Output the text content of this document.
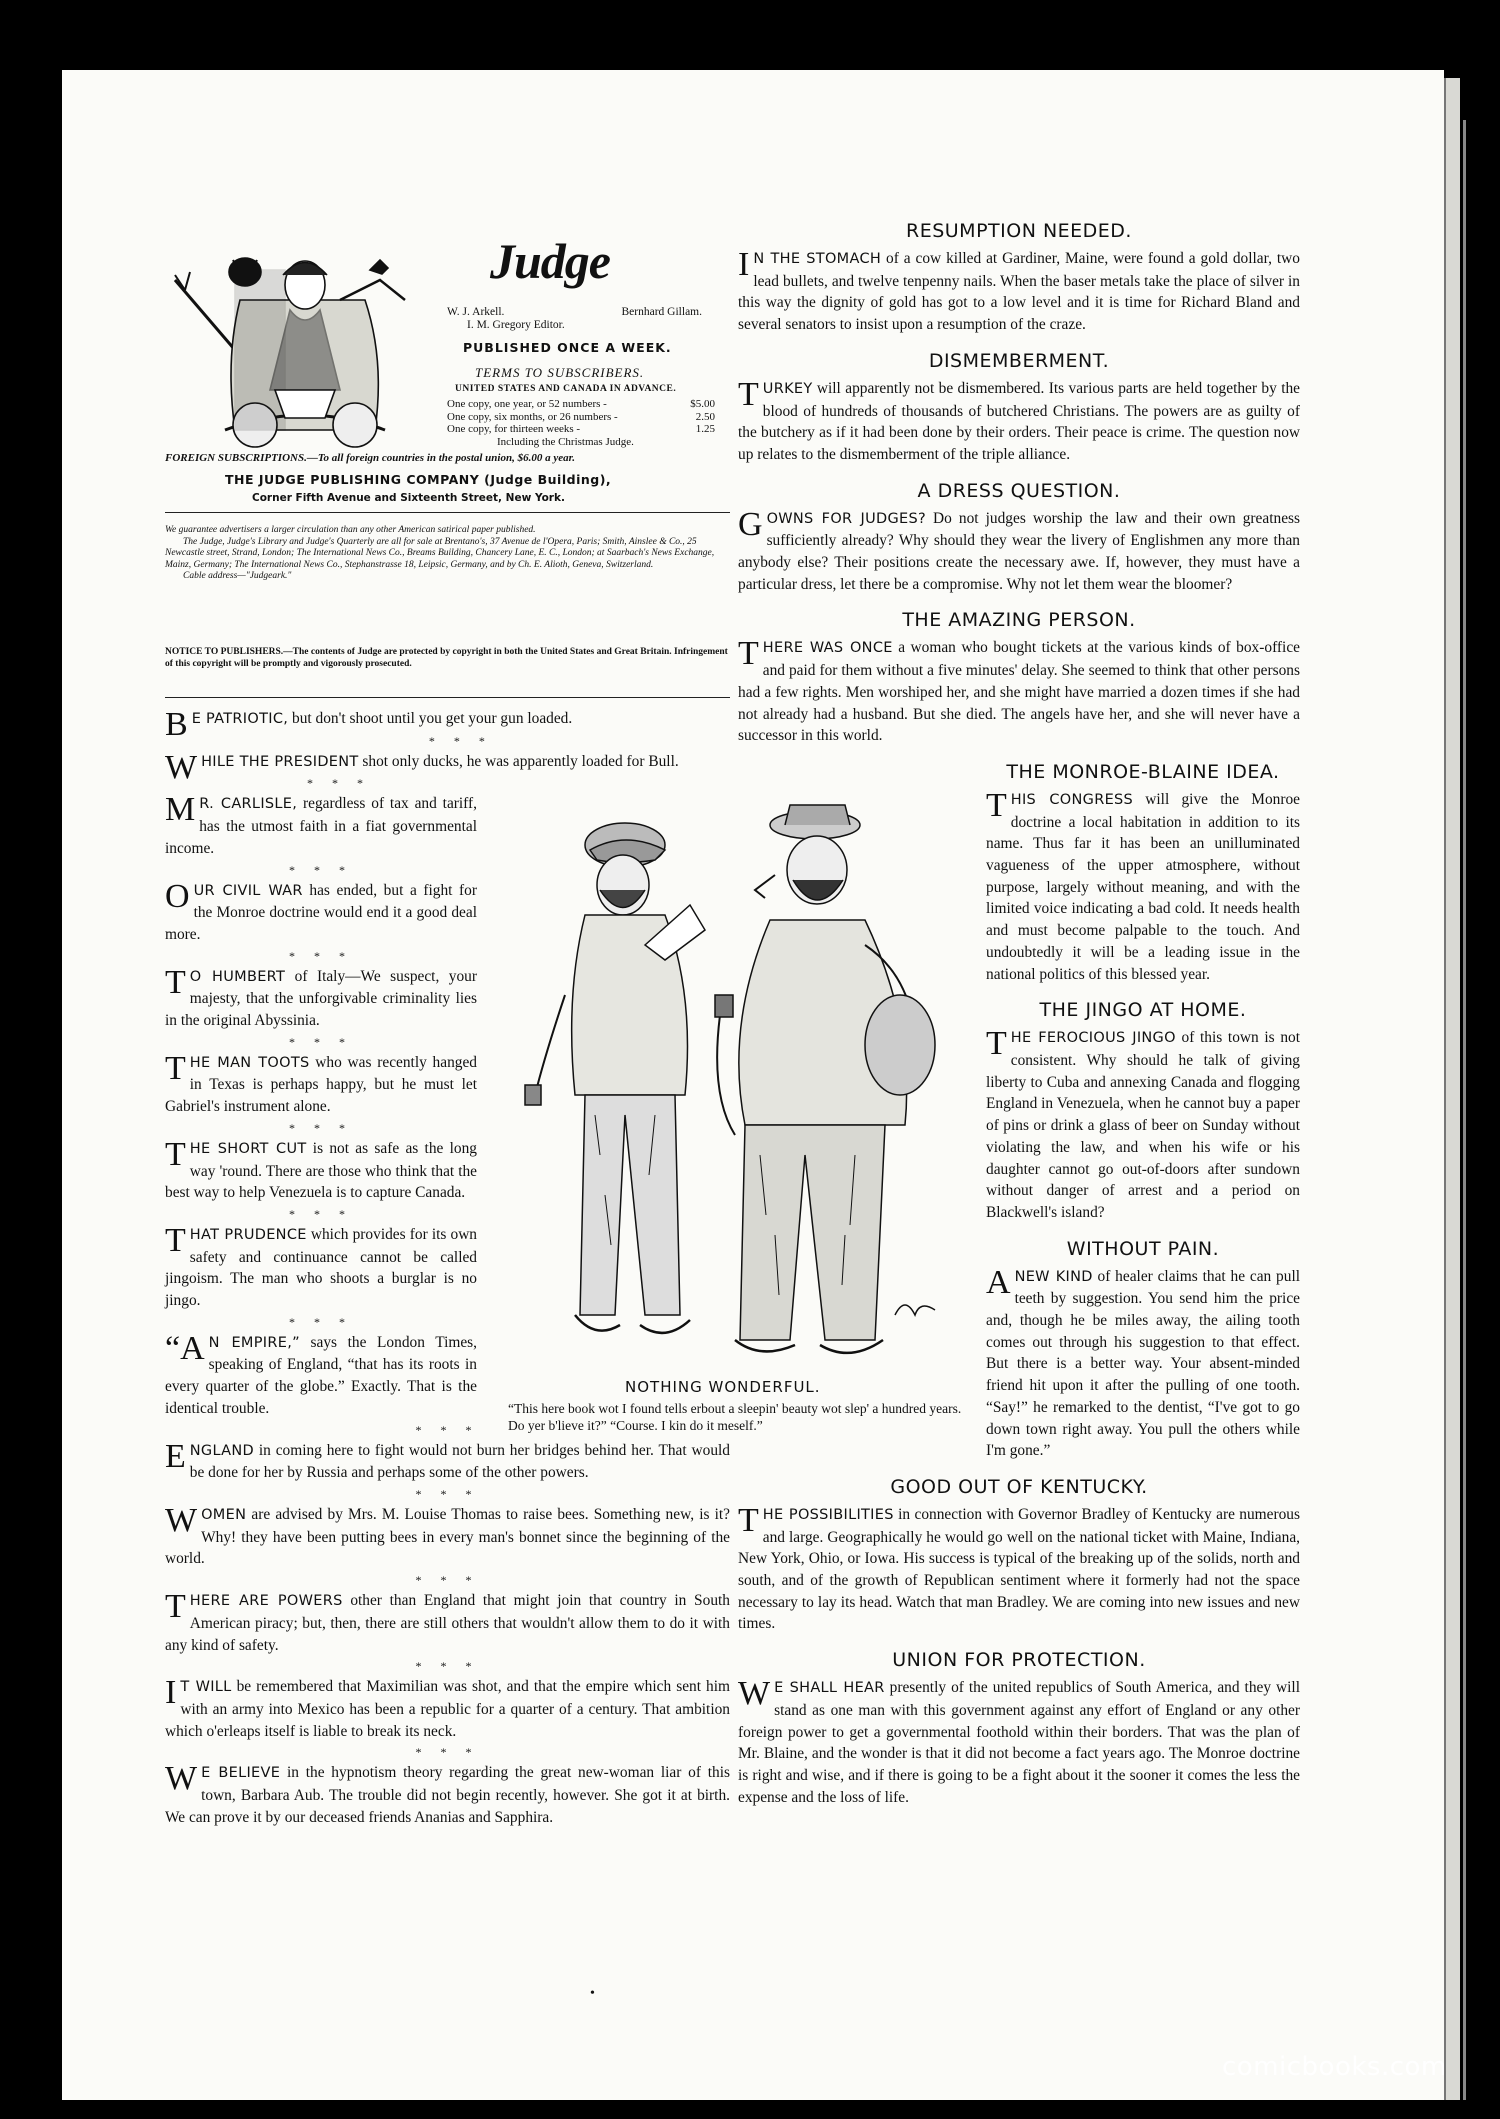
Judge
W. J. Arkell.	Bernhard Gillam.

I. M. Gregory Editor.
PUBLISHED ONCE A WEEK.
TERMS TO SUBSCRIBERS.
UNITED STATES AND CANADA IN ADVANCE.
One copy, one year, or 52 numbers -	$5.00
One copy, six months, or 26 numbers -	2.50
One copy, for thirteen weeks -	1.25
Including the Christmas Judge.
FOREIGN SUBSCRIPTIONS.—To all foreign countries in the postal union, $6.00 a year.
THE JUDGE PUBLISHING COMPANY (Judge Building),
Corner Fifth Avenue and Sixteenth Street, New York.
We guarantee advertisers a larger circulation than any other American satirical paper published.
The Judge, Judge's Library and Judge's Quarterly are all for sale at Brentano's, 37 Avenue de l'Opera, Paris; Smith, Ainslee & Co., 25 Newcastle street, Strand, London; The International News Co., Breams Building, Chancery Lane, E. C., London; at Saarbach's News Exchange, Mainz, Germany; The International News Co., Stephanstrasse 18, Leipsic, Germany, and by Ch. E. Alioth, Geneva, Switzerland.
Cable address—"Judgeark."
NOTICE TO PUBLISHERS.—The contents of Judge are protected by copyright in both the United States and Great Britain. Infringement of this copyright will be promptly and vigorously prosecuted.

B E PATRIOTIC, but don't shoot until you get your gun loaded.

* * *

WHILE THE PRESIDENT shot only ducks, he was apparently loaded for Bull.

* * *

M R. CARLISLE, regardless of tax and tariff, has the utmost faith in a fiat governmental income.

* * *

OUR CIVIL WAR has ended, but a fight for the Monroe doctrine would end it a good deal more.

* * *

T O HUMBERT of Italy—We suspect, your majesty, that the unforgivable criminality lies in the original Abyssinia.

* * *

THE MAN TOOTS who was recently hanged in Texas is perhaps happy, but he must let Gabriel's instrument alone.

* * *

THE SHORT CUT is not as safe as the long way 'round. There are those who think that the best way to help Venezuela is to capture Canada.

* * *

THAT PRUDENCE which provides for its own safety and continuance cannot be called jingoism. The man who shoots a burglar is no jingo.

* * *

“A N EMPIRE,” says the London Times, speaking of England, “that has its roots in every quarter of the globe.” Exactly. That is the identical trouble.

* * *

ENGLAND in coming here to fight would not burn her bridges behind her. That would be done for her by Russia and perhaps some of the other powers.

* * *

WOMEN are advised by Mrs. M. Louise Thomas to raise bees. Something new, is it? Why! they have been putting bees in every man's bonnet since the beginning of the world.

* * *

THERE ARE POWERS other than England that might join that country in South American piracy; but, then, there are still others that wouldn't allow them to do it with any kind of safety.

* * *

I T WILL be remembered that Maximilian was shot, and that the empire which sent him with an army into Mexico has been a republic for a quarter of a century. That ambition which o'erleaps itself is liable to break its neck.

* * *

W E BELIEVE in the hypnotism theory regarding the great new-woman liar of this town, Barbara Aub. The trouble did not begin recently, however. She got it at birth. We can prove it by our deceased friends Ananias and Sapphira.

NOTHING WONDERFUL.
“This here book wot I found tells erbout a sleepin' beauty wot slep' a hundred years. Do yer b'lieve it?” “Course. I kin do it meself.”
RESUMPTION NEEDED.

I N THE STOMACH of a cow killed at Gardiner, Maine, were found a gold dollar, two lead bullets, and twelve tenpenny nails. When the baser metals take the place of silver in this way the dignity of gold has got to a low level and it is time for Richard Bland and several senators to insist upon a resumption of the craze.

DISMEMBERMENT.

TURKEY will apparently not be dismembered. Its various parts are held together by the blood of hundreds of thousands of butchered Christians. The powers are as guilty of the butchery as if it had been done by their orders. Their peace is crime. The question now up relates to the dismemberment of the triple alliance.

A DRESS QUESTION.

GOWNS FOR JUDGES? Do not judges worship the law and their own greatness sufficiently already? Why should they wear the livery of Englishmen any more than anybody else? Their positions create the necessary awe. If, however, they must have a particular dress, let there be a compromise. Why not let them wear the bloomer?

THE AMAZING PERSON.

THERE WAS ONCE a woman who bought tickets at the various kinds of box-office and paid for them without a five minutes' delay. She seemed to think that other persons had a few rights. Men worshiped her, and she might have married a dozen times if she had not already had a husband. But she died. The angels have her, and she will never have a successor in this world.

THE MONROE-BLAINE IDEA.

THIS CONGRESS will give the Monroe doctrine a local habitation in addition to its name. Thus far it has been an unilluminated vagueness of the upper atmosphere, without purpose, largely without meaning, and with the limited voice indicating a bad cold. It needs health and must become palpable to the touch. And undoubtedly it will be a leading issue in the national politics of this blessed year.

THE JINGO AT HOME.

THE FEROCIOUS JINGO of this town is not consistent. Why should he talk of giving liberty to Cuba and annexing Canada and flogging England in Venezuela, when he cannot buy a paper of pins or drink a glass of beer on Sunday without violating the law, and when his wife or his daughter cannot go out-of-doors after sundown without danger of arrest and a period on Blackwell's island?

WITHOUT PAIN.

A NEW KIND of healer claims that he can pull teeth by suggestion. You send him the price and, though he be miles away, the ailing tooth comes out through his suggestion to that effect. But there is a better way. Your absent-minded friend hit upon it after the pulling of one tooth. “Say!” he remarked to the dentist, “I've got to go down town right away. You pull the others while I'm gone.”

GOOD OUT OF KENTUCKY.

THE POSSIBILITIES in connection with Governor Bradley of Kentucky are numerous and large. Geographically he would go well on the national ticket with Maine, Indiana, New York, Ohio, or Iowa. His success is typical of the breaking up of the solids, north and south, and of the growth of Republican sentiment where it formerly had not the space necessary to lay its head. Watch that man Bradley. We are coming into new issues and new times.

UNION FOR PROTECTION.

W E SHALL HEAR presently of the united republics of South America, and they will stand as one man with this government against any effort of England or any other foreign power to get a governmental foothold within their borders. That was the plan of Mr. Blaine, and the wonder is that it did not become a fact years ago. The Monroe doctrine is right and wise, and if there is going to be a fight about it the sooner it comes the less the expense and the loss of life.

•
comicbooks.com
